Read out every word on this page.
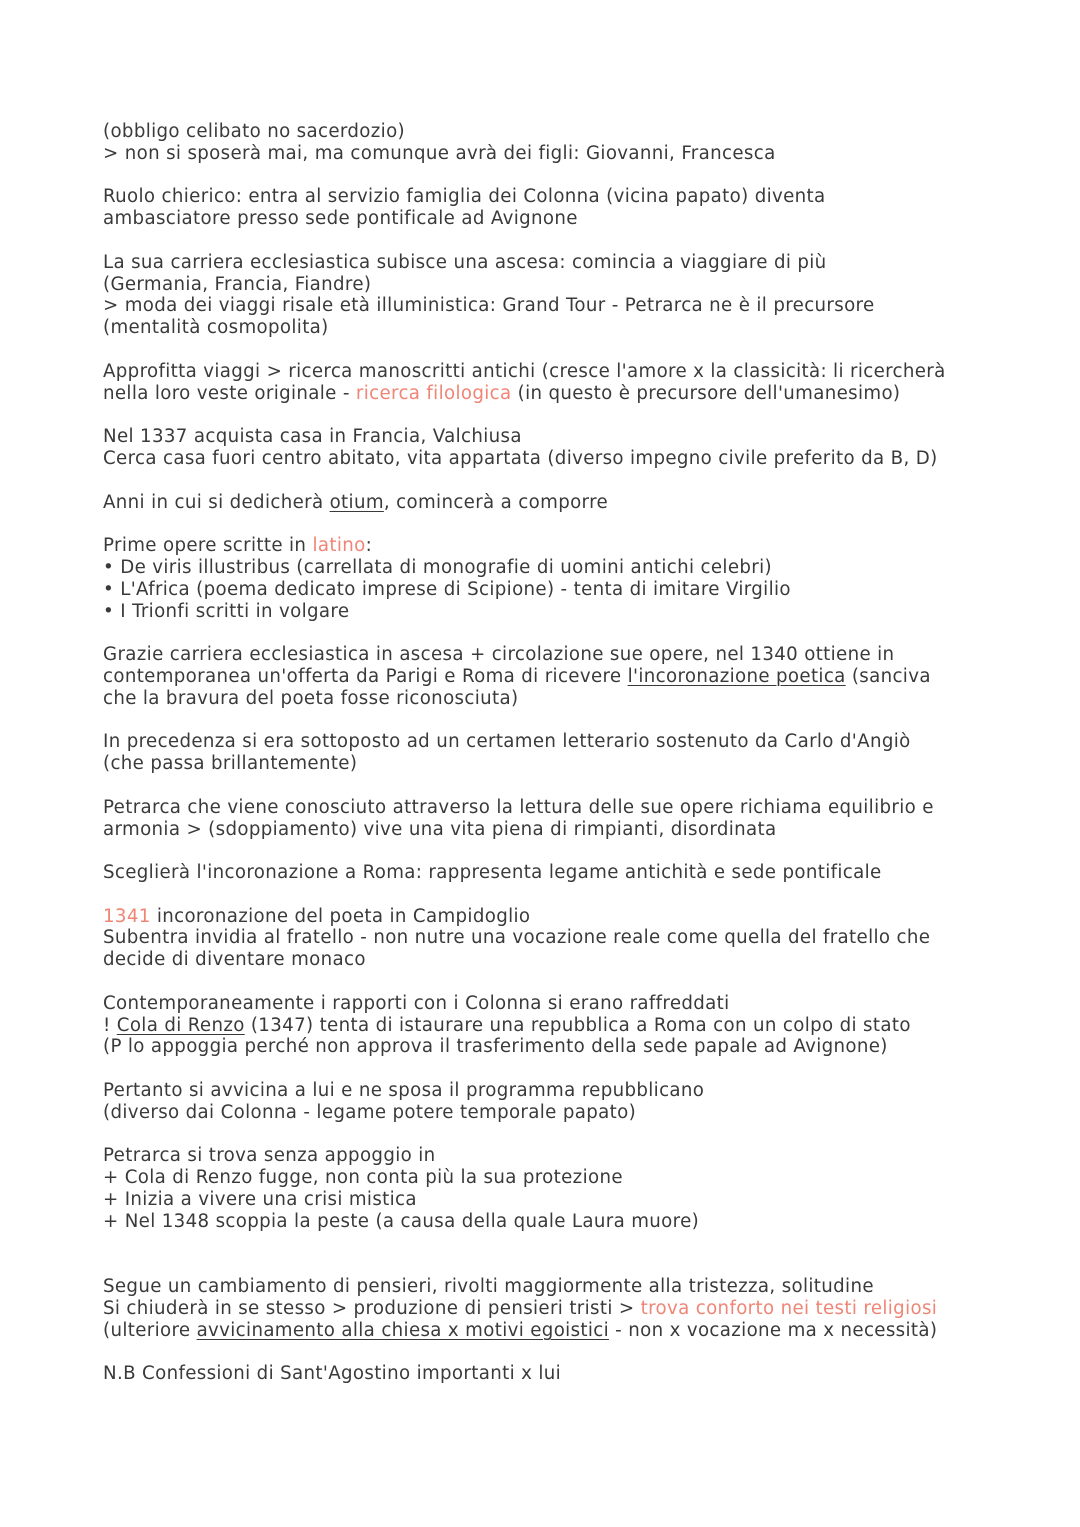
(obbligo celibato no sacerdozio)
> non si sposerà mai, ma comunque avrà dei figli: Giovanni, Francesca
Ruolo chierico: entra al servizio famiglia dei Colonna (vicina papato) diventa
ambasciatore presso sede pontificale ad Avignone
La sua carriera ecclesiastica subisce una ascesa: comincia a viaggiare di più
(Germania, Francia, Fiandre)
> moda dei viaggi risale età illuministica: Grand Tour - Petrarca ne è il precursore
(mentalità cosmopolita)
Approfitta viaggi > ricerca manoscritti antichi (cresce l'amore x la classicità: li ricercherà
nella loro veste originale - ricerca filologica (in questo è precursore dell'umanesimo)
Nel 1337 acquista casa in Francia, Valchiusa
Cerca casa fuori centro abitato, vita appartata (diverso impegno civile preferito da B, D)
Anni in cui si dedicherà otium, comincerà a comporre
Prime opere scritte in latino:
• De viris illustribus (carrellata di monografie di uomini antichi celebri)
• L'Africa (poema dedicato imprese di Scipione) - tenta di imitare Virgilio
• I Trionfi scritti in volgare
Grazie carriera ecclesiastica in ascesa + circolazione sue opere, nel 1340 ottiene in
contemporanea un'offerta da Parigi e Roma di ricevere l'incoronazione poetica (sanciva
che la bravura del poeta fosse riconosciuta)
In precedenza si era sottoposto ad un certamen letterario sostenuto da Carlo d'Angiò
(che passa brillantemente)
Petrarca che viene conosciuto attraverso la lettura delle sue opere richiama equilibrio e
armonia > (sdoppiamento) vive una vita piena di rimpianti, disordinata
Sceglierà l'incoronazione a Roma: rappresenta legame antichità e sede pontificale
1341 incoronazione del poeta in Campidoglio
Subentra invidia al fratello - non nutre una vocazione reale come quella del fratello che
decide di diventare monaco
Contemporaneamente i rapporti con i Colonna si erano raffreddati
! Cola di Renzo (1347) tenta di istaurare una repubblica a Roma con un colpo di stato
(P lo appoggia perché non approva il trasferimento della sede papale ad Avignone)
Pertanto si avvicina a lui e ne sposa il programma repubblicano
(diverso dai Colonna - legame potere temporale papato)
Petrarca si trova senza appoggio in
+ Cola di Renzo fugge, non conta più la sua protezione
+ Inizia a vivere una crisi mistica
+ Nel 1348 scoppia la peste (a causa della quale Laura muore)
Segue un cambiamento di pensieri, rivolti maggiormente alla tristezza, solitudine
Si chiuderà in se stesso > produzione di pensieri tristi > trova conforto nei testi religiosi
(ulteriore avvicinamento alla chiesa x motivi egoistici - non x vocazione ma x necessità)
N.B Confessioni di Sant'Agostino importanti x lui
